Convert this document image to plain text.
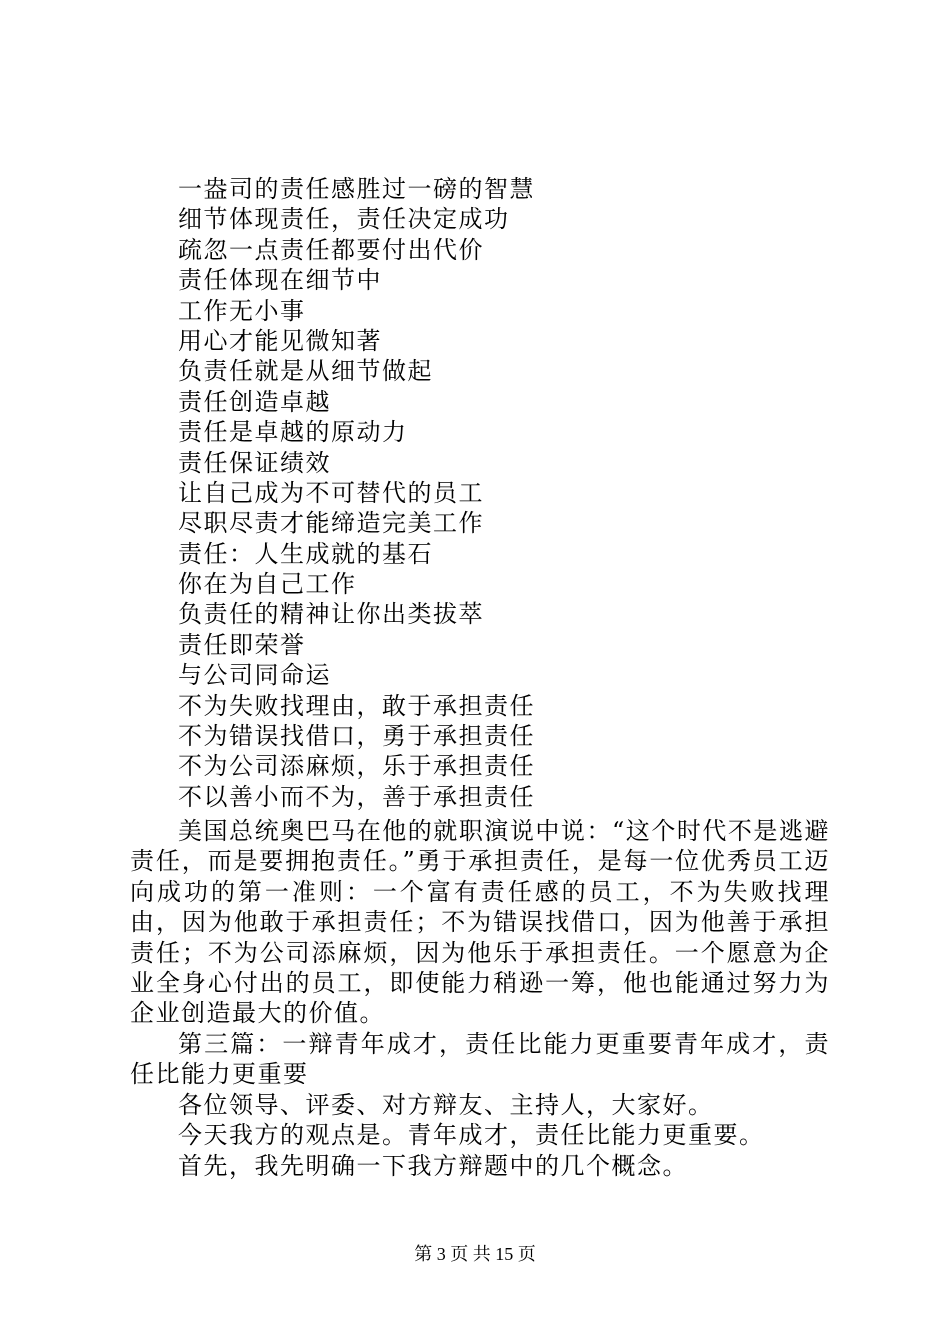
一盎司的责任感胜过一磅的智慧
细节体现责任，责任决定成功
疏忽一点责任都要付出代价
责任体现在细节中
工作无小事
用心才能见微知著
负责任就是从细节做起
责任创造卓越
责任是卓越的原动力
责任保证绩效
让自己成为不可替代的员工
尽职尽责才能缔造完美工作
责任：人生成就的基石
你在为自己工作
负责任的精神让你出类拔萃
责任即荣誉
与公司同命运
不为失败找理由，敢于承担责任
不为错误找借口，勇于承担责任
不为公司添麻烦，乐于承担责任
不以善小而不为，善于承担责任
美国总统奥巴马在他的就职演说中说：“这个时代不是逃避责任，而是要拥抱责任。”勇于承担责任，是每一位优秀员工迈向成功的第一准则：一个富有责任感的员工，不为失败找理由，因为他敢于承担责任；不为错误找借口，因为他善于承担责任；不为公司添麻烦，因为他乐于承担责任。一个愿意为企业全身心付出的员工，即使能力稍逊一筹，他也能通过努力为企业创造最大的价值。
第三篇：一辩青年成才，责任比能力更重要青年成才，责任比能力更重要
各位领导、评委、对方辩友、主持人，大家好。
今天我方的观点是。青年成才，责任比能力更重要。
首先，我先明确一下我方辩题中的几个概念。
第 3 页 共 15 页
